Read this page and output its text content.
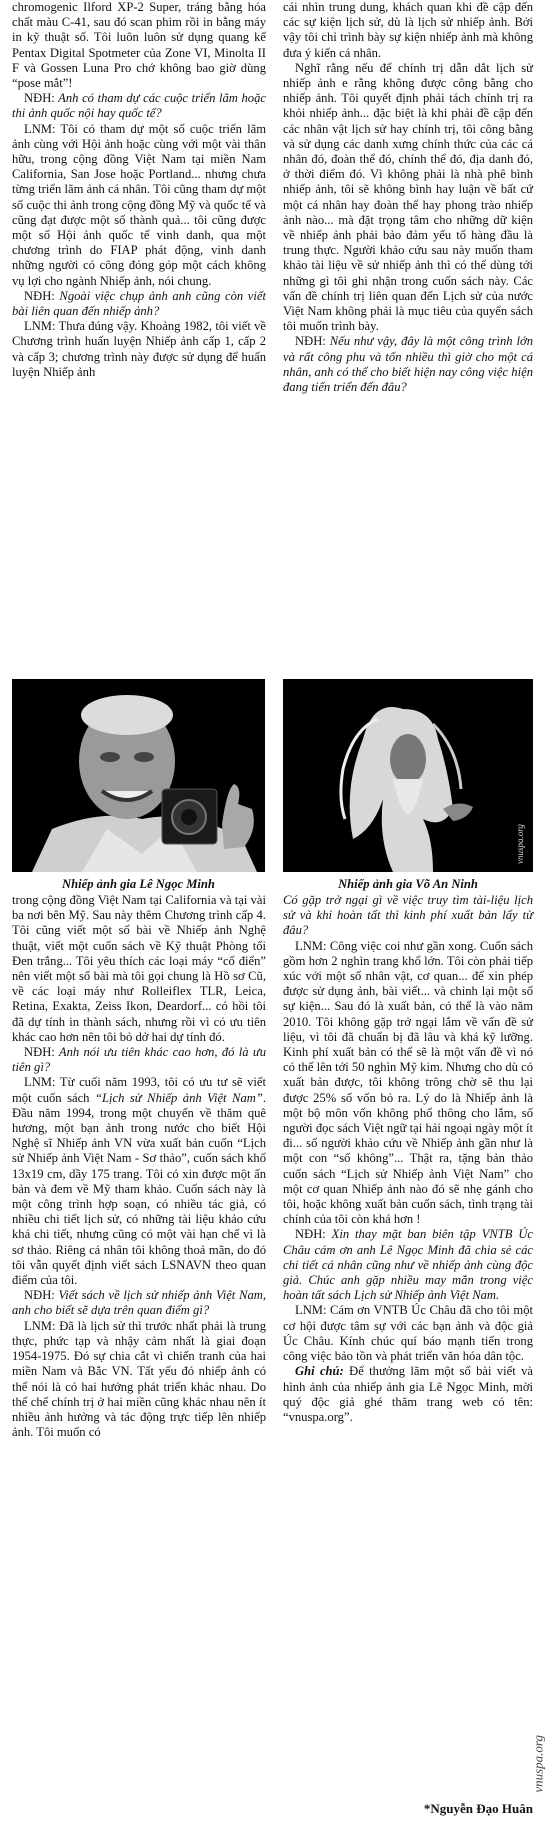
chromogenic Ilford XP-2 Super, tráng bằng hóa chất màu C-41, sau đó scan phim rồi in bằng máy in kỹ thuật số. Tôi luôn luôn sử dụng quang kế Pentax Digital Spotmeter của Zone VI, Minolta II F và Gossen Luna Pro chớ không bao giờ dùng “pose mắt”!

NĐH: Anh có tham dự các cuộc triển lãm hoặc thi ảnh quốc nội hay quốc tế?

LNM: Tôi có tham dự một số cuộc triển lãm ảnh cùng với Hội ảnh hoặc cùng với một vài thân hữu, trong cộng đồng Việt Nam tại miền Nam California, San Jose hoặc Portland... nhưng chưa từng triển lãm ảnh cá nhân. Tôi cũng tham dự một số cuộc thi ảnh trong cộng đồng Mỹ và quốc tế và cũng đạt được một số thành quả... tôi cũng được một số Hội ảnh quốc tế vinh danh, qua một chương trình do FIAP phát động, vinh danh những người có công đóng góp một cách không vụ lợi cho ngành Nhiếp ảnh, nói chung.

NĐH: Ngoài việc chụp ảnh anh cũng còn viết bài liên quan đến nhiếp ảnh?

LNM: Thưa đúng vậy. Khoảng 1982, tôi viết về Chương trình huấn luyện Nhiếp ảnh cấp 1, cấp 2 và cấp 3; chương trình này được sử dụng để huấn luyện Nhiếp ảnh

cái nhìn trung dung, khách quan khi đề cập đến các sự kiện lịch sử, dù là lịch sử nhiếp ảnh. Bởi vậy tôi chỉ trình bày sự kiện nhiếp ảnh mà không đưa ý kiến cá nhân.

Nghĩ rằng nếu để chính trị dẫn dắt lịch sử nhiếp ảnh e rằng không được công bằng cho nhiếp ảnh. Tôi quyết định phải tách chính trị ra khỏi nhiếp ảnh... đặc biệt là khi phải đề cập đến các nhân vật lịch sử hay chính trị, tôi công bằng và sử dụng các danh xưng chính thức của các cá nhân đó, đoàn thể đó, chính thể đó, địa danh đó, ở thời điểm đó. Vì không phải là nhà phê bình nhiếp ảnh, tôi sẽ không bình hay luận về bất cứ một cá nhân hay đoàn thể hay phong trào nhiếp ảnh nào... mà đặt trọng tâm cho những dữ kiện về nhiếp ảnh phải bảo đảm yếu tố hàng đầu là trung thực. Người khảo cứu sau này muốn tham khảo tài liệu về sử nhiếp ảnh thì có thể dùng tới những gì tôi ghi nhận trong cuốn sách này. Các vấn đề chính trị liên quan đến Lịch sử của nước Việt Nam không phải là mục tiêu của quyển sách tôi muốn trình bày.

NĐH: Nếu như vậy, đây là một công trình lớn và rất công phu và tốn nhiều thì giờ cho một cá nhân, anh có thể cho biết hiện nay công việc hiện đang tiến triển đến đâu?

vnuspa.org
Nhiếp ảnh gia Lê Ngọc Minh	Nhiếp ảnh gia Võ An Ninh

trong cộng đồng Việt Nam tại California và tại vài ba nơi bên Mỹ. Sau này thêm Chương trình cấp 4. Tôi cũng viết một số bài về Nhiếp ảnh Nghệ thuật, viết một cuốn sách về Kỹ thuật Phòng tối Đen trắng... Tôi yêu thích các loại máy “cổ điển” nên viết một số bài mà tôi gọi chung là Hồ sơ Cũ, về các loại máy như Rolleiflex TLR, Leica, Retina, Exakta, Zeiss Ikon, Deardorf... có hồi tôi đã dự tính in thành sách, nhưng rồi vì có ưu tiên khác cao hơn nên tôi bỏ dở hai dự tính đó.

NĐH: Anh nói ưu tiên khác cao hơn, đó là ưu tiên gì?

LNM: Từ cuối năm 1993, tôi có ưu tư sẽ viết một cuốn sách “Lịch sử Nhiếp ảnh Việt Nam”. Đầu năm 1994, trong một chuyến về thăm quê hương, một bạn ảnh trong nước cho biết Hội Nghệ sĩ Nhiếp ảnh VN vừa xuất bản cuốn “Lịch sử Nhiếp ảnh Việt Nam - Sơ thảo”, cuốn sách khổ 13x19 cm, dầy 175 trang. Tôi có xin được một ấn bản và đem về Mỹ tham khảo. Cuốn sách này là một công trình hợp soạn, có nhiều tác giả, có nhiều chi tiết lịch sử, có những tài liệu khảo cứu khá chi tiết, nhưng cũng có một vài hạn chế vì là sơ thảo. Riêng cá nhân tôi không thoả mãn, do đó tôi vẫn quyết định viết sách LSNAVN theo quan điểm của tôi.

NĐH: Viết sách về lịch sử nhiếp ảnh Việt Nam, anh cho biết sẽ dựa trên quan điểm gì?

LNM: Đã là lịch sử thì trước nhất phải là trung thực, phức tạp và nhậy cảm nhất là giai đoạn 1954-1975. Đó sự chia cắt vì chiến tranh của hai miền Nam và Bắc VN. Tất yếu đó nhiếp ảnh có thể nói là có hai hướng phát triển khác nhau. Do thể chế chính trị ở hai miền cũng khác nhau nên ít nhiều ảnh hưởng và tác động trực tiếp lên nhiếp ảnh. Tôi muốn có

Có gặp trở ngại gì về việc truy tìm tài-liệu lịch sử và khi hoàn tất thì kinh phí xuất bản lấy từ đâu?

LNM: Công việc coi như gần xong. Cuốn sách gồm hơn 2 nghìn trang khổ lớn. Tôi còn phải tiếp xúc với một số nhân vật, cơ quan... để xin phép được sử dụng ảnh, bài viết... và chỉnh lại một số sự kiện... Sau đó là xuất bản, có thể là vào năm 2010. Tôi không gặp trở ngại lắm về vấn đề sử liệu, vì tôi đã chuẩn bị đã lâu và khá kỹ lưỡng. Kinh phí xuất bản có thể sẽ là một vấn đề vì nó có thể lên tới 50 nghìn Mỹ kim. Nhưng cho dù có xuất bản được, tôi không trông chờ sẽ thu lại được 25% số vốn bỏ ra. Lý do là Nhiếp ảnh là một bộ môn vốn không phổ thông cho lắm, số người đọc sách Việt ngữ tại hải ngoại ngày một ít đi... số người khảo cứu về Nhiếp ảnh gần như là một con “số không”... Thật ra, tặng bản thảo cuốn sách “Lịch sử Nhiếp ảnh Việt Nam” cho một cơ quan Nhiếp ảnh nào đó sẽ nhẹ gánh cho tôi, hoặc không xuất bản cuốn sách, tình trạng tài chính của tôi còn khá hơn !

NĐH: Xin thay mặt ban biên tập VNTB Úc Châu cám ơn anh Lê Ngọc Minh đã chia sẻ các chi tiết cá nhân cũng như về nhiếp ảnh cùng độc giả. Chúc anh gặp nhiều may mắn trong việc hoàn tất sách Lịch sử Nhiếp ảnh Việt Nam.

LNM: Cám ơn VNTB Úc Châu đã cho tôi một cơ hội được tâm sự với các bạn ảnh và độc giả Úc Châu. Kính chúc quí báo mạnh tiến trong công việc bảo tồn và phát triển văn hóa dân tộc.

Ghi chú: Để thưởng lãm một số bài viết và hình ảnh của nhiếp ảnh gia Lê Ngọc Minh, mời quý độc giả ghé thăm trang web có tên: “vnuspa.org”.

*Nguyễn Đạo Huân
vnuspa.org
